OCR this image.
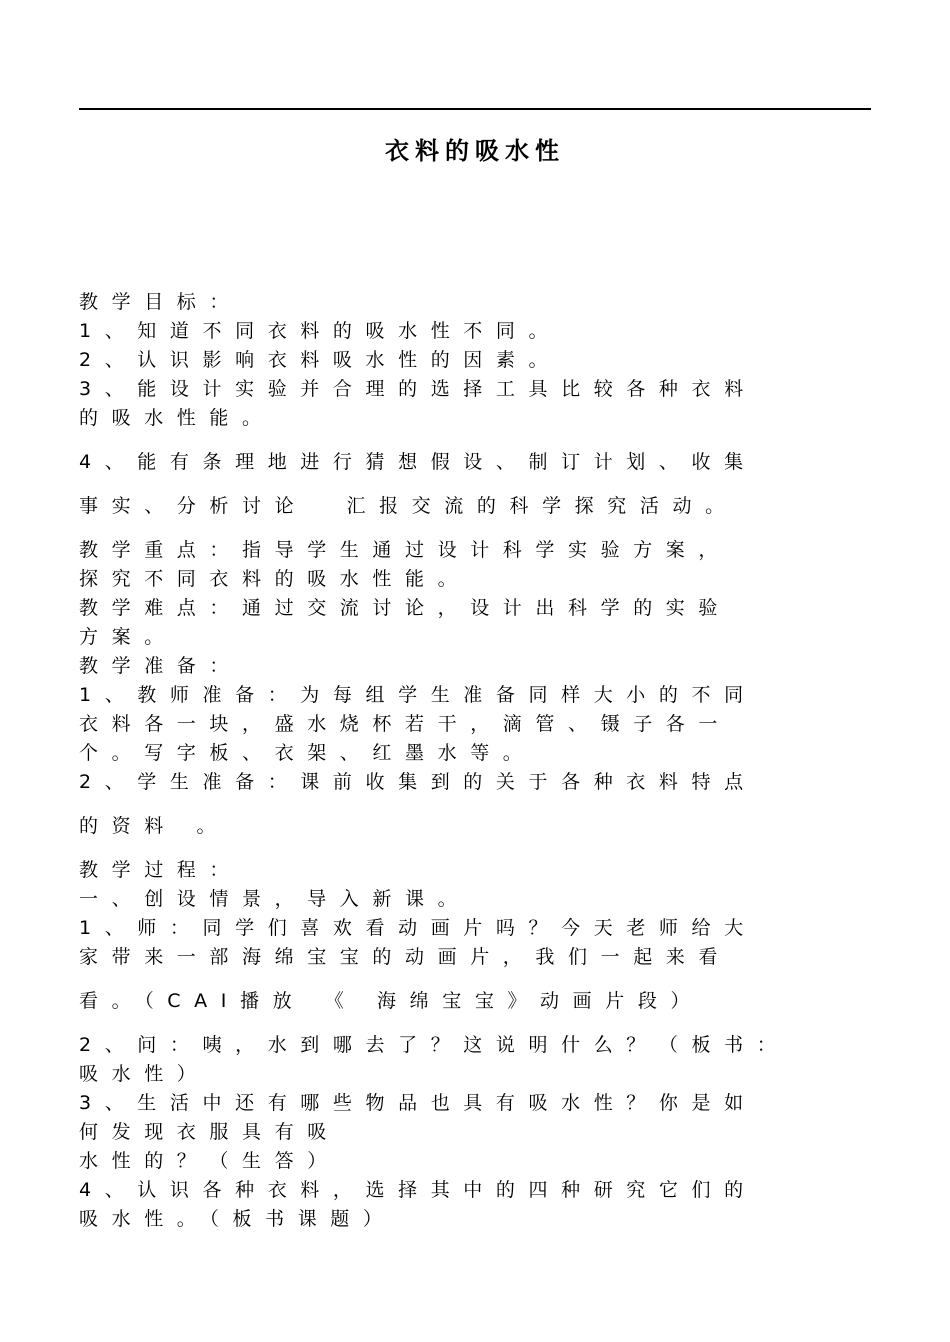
衣料的吸水性
教学目标：
1、知道不同衣料的吸水性不同。
2、认识影响衣料吸水性的因素。
3、能设计实验并合理的选择工具比较各种衣料
的吸水性能。
4、能有条理地进行猜想假设、制订计划、收集
事实、分析讨论  汇报交流的科学探究活动。
教学重点：指导学生通过设计科学实验方案，
探究不同衣料的吸水性能。
教学难点：通过交流讨论，设计出科学的实验
方案。
教学准备：
1、教师准备：为每组学生准备同样大小的不同
衣料各一块，盛水烧杯若干，滴管、镊子各一
个。写字板、衣架、红墨水等。
2、学生准备：课前收集到的关于各种衣料特点
的资料 。
教学过程：
一、创设情景，导入新课。
1、师：同学们喜欢看动画片吗？今天老师给大
家带来一部海绵宝宝的动画片，我们一起来看
看。（CAI播放 《 海绵宝宝》动画片段）
2、问：咦，水到哪去了？这说明什么？（板书：
吸水性）
3、生活中还有哪些物品也具有吸水性？你是如
何发现衣服具有吸
水性的？（生答）
4、认识各种衣料，选择其中的四种研究它们的
吸水性。（板书课题）
